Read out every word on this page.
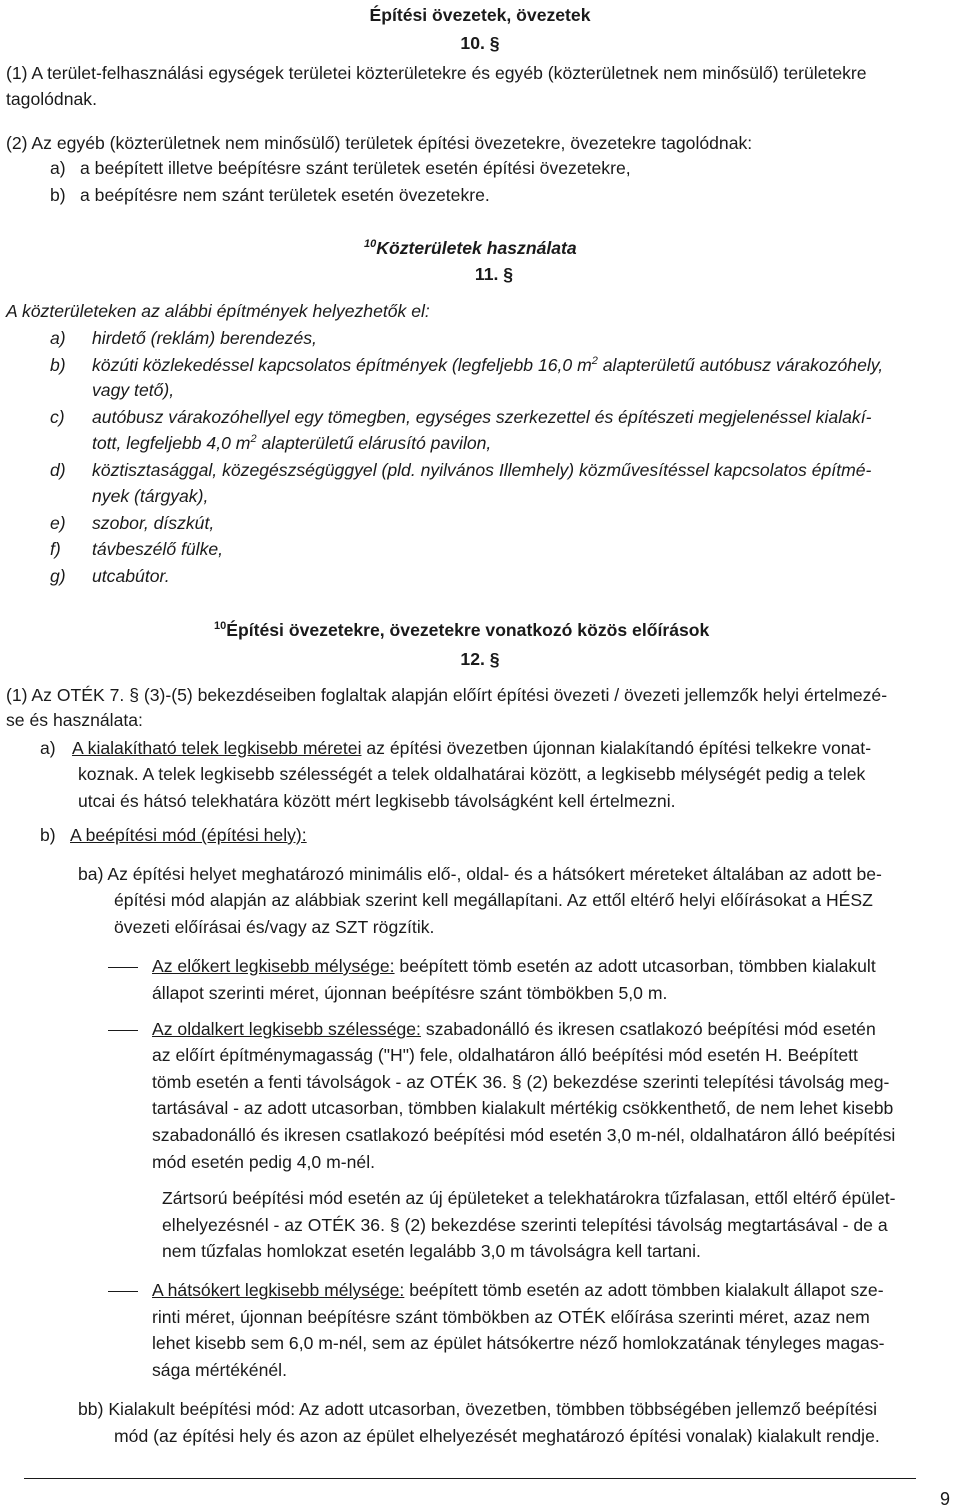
Építési övezetek, övezetek
10. §
(1) A terület-felhasználási egységek területei közterületekre és egyéb (közterületnek nem minősülő) területekre
tagolódnak.
(2) Az egyéb (közterületnek nem minősülő) területek építési övezetekre, övezetekre tagolódnak:
a) a beépített illetve beépítésre szánt területek esetén építési övezetekre,
b) a beépítésre nem szánt területek esetén övezetekre.
$^{10}$Közterületek használata
11. §
A közterületeken az alábbi építmények helyezhetők el:
a) hirdető (reklám) berendezés,
b) közúti közlekedéssel kapcsolatos építmények (legfeljebb 16,0 $m^2$ alapterületű autóbusz várakozóhely,
vagy tető),
c) autóbusz várakozóhellyel egy tömegben, egységes szerkezettel és építészeti megjelenéssel kialakí-
tott, legfeljebb 4,0 $m^2$ alapterületű elárusító pavilon,
d) köztisztasággal, közegészségüggyel (pld. nyilvános Illemhely) közművesítéssel kapcsolatos építmé-
nyek (tárgyak),
e) szobor, díszkút,
f) távbeszélő fülke,
g) utcabútor.
$^{10}$Építési övezetekre, övezetekre vonatkozó közös előírások
12. §
(1) Az OTÉK 7. § (3)-(5) bekezdéseiben foglaltak alapján előírt építési övezeti / övezeti jellemzők helyi értelmezé-
se és használata:
a) A kialakítható telek legkisebb méretei az építési övezetben újonnan kialakítandó építési telkekre vonat-
koznak. A telek legkisebb szélességét a telek oldalhatárai között, a legkisebb mélységét pedig a telek
utcai és hátsó telekhatára között mért legkisebb távolságként kell értelmezni.
b) A beépítési mód (építési hely):
ba) Az építési helyet meghatározó minimális elő-, oldal- és a hátsókert méreteket általában az adott be-
építési mód alapján az alábbiak szerint kell megállapítani. Az ettől eltérő helyi előírásokat a HÉSZ
övezeti előírásai és/vagy az SZT rögzítik.
Az előkert legkisebb mélysége: beépített tömb esetén az adott utcasorban, tömbben kialakult
állapot szerinti méret, újonnan beépítésre szánt tömbökben 5,0 m.
Az oldalkert legkisebb szélessége: szabadonálló és ikresen csatlakozó beépítési mód esetén
az előírt építménymagasság ("H") fele, oldalhatáron álló beépítési mód esetén H. Beépített
tömb esetén a fenti távolságok - az OTÉK 36. § (2) bekezdése szerinti telepítési távolság meg-
tartásával - az adott utcasorban, tömbben kialakult mértékig csökkenthető, de nem lehet kisebb
szabadonálló és ikresen csatlakozó beépítési mód esetén 3,0 m-nél, oldalhatáron álló beépítési
mód esetén pedig 4,0 m-nél.
Zártsorú beépítési mód esetén az új épületeket a telekhatárokra tűzfalasan, ettől eltérő épület-
elhelyezésnél - az OTÉK 36. § (2) bekezdése szerinti telepítési távolság megtartásával - de a
nem tűzfalas homlokzat esetén legalább 3,0 m távolságra kell tartani.
A hátsókert legkisebb mélysége: beépített tömb esetén az adott tömbben kialakult állapot sze-
rinti méret, újonnan beépítésre szánt tömbökben az OTÉK előírása szerinti méret, azaz nem
lehet kisebb sem 6,0 m-nél, sem az épület hátsókertre néző homlokzatának tényleges magas-
sága mértékénél.
bb) Kialakult beépítési mód: Az adott utcasorban, övezetben, tömbben többségében jellemző beépítési
mód (az építési hely és azon az épület elhelyezését meghatározó építési vonalak) kialakult rendje.
9
